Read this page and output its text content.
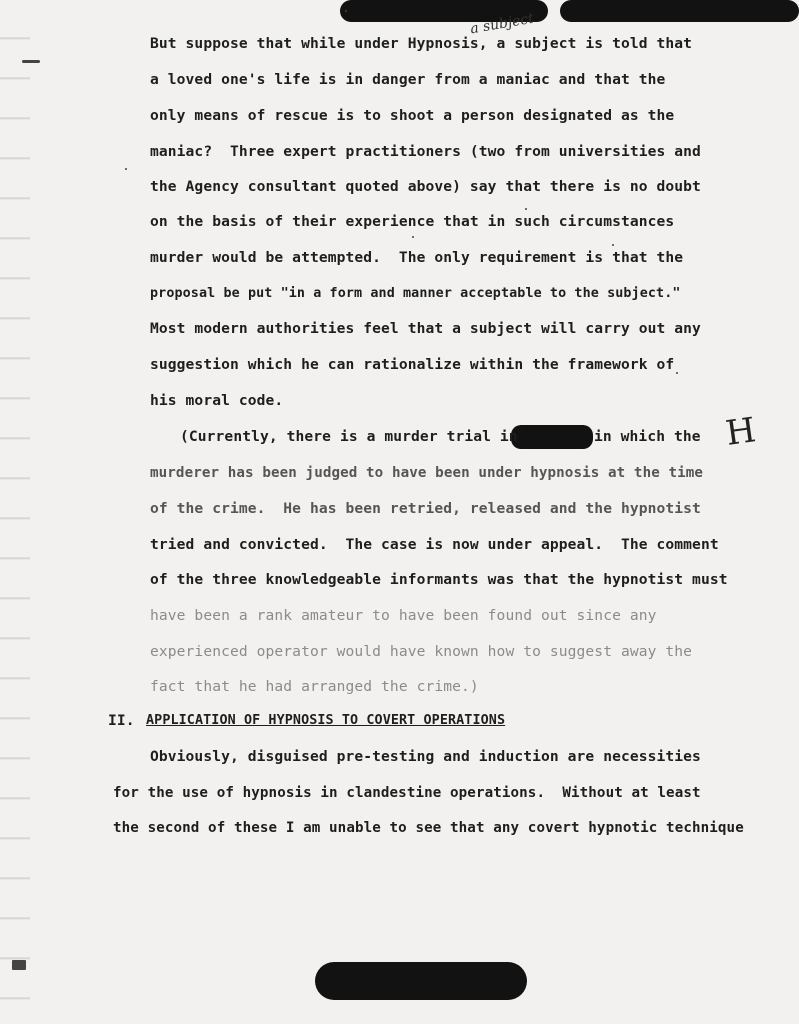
a subject
H
But suppose that while under Hypnosis, a subject is told that
a loved one's life is in danger from a maniac and that the
only means of rescue is to shoot a person designated as the
maniac?  Three expert practitioners (two from universities and
the Agency consultant quoted above) say that there is no doubt
on the basis of their experience that in such circumstances
murder would be attempted.  The only requirement is that the
proposal be put "in a form and manner acceptable to the subject."
Most modern authorities feel that a subject will carry out any
suggestion which he can rationalize within the framework of
his moral code.
(Currently, there is a murder trial in	in which the
murderer has been judged to have been under hypnosis at the time
of the crime.  He has been retried, released and the hypnotist
tried and convicted.  The case is now under appeal.  The comment
of the three knowledgeable informants was that the hypnotist must
have been a rank amateur to have been found out since any
experienced operator would have known how to suggest away the
fact that he had arranged the crime.)
II. APPLICATION OF HYPNOSIS TO COVERT OPERATIONS
Obviously, disguised pre-testing and induction are necessities
for the use of hypnosis in clandestine operations.  Without at least
the second of these I am unable to see that any covert hypnotic technique
